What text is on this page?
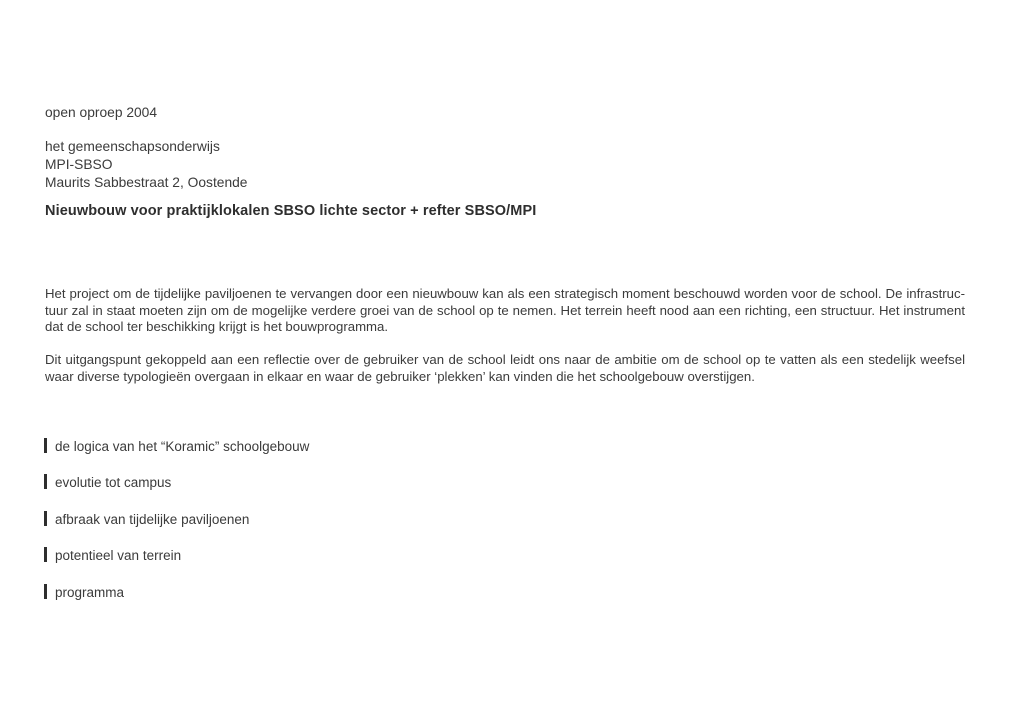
open oproep 2004
het gemeenschapsonderwijs
MPI-SBSO
Maurits Sabbestraat 2, Oostende
Nieuwbouw voor praktijklokalen SBSO lichte sector + refter SBSO/MPI
Het project om de tijdelijke paviljoenen te vervangen door een nieuwbouw kan als een strategisch moment beschouwd worden voor de school. De infrastruc-
tuur zal in staat moeten zijn om de mogelijke verdere groei van de school op te nemen. Het terrein heeft nood aan een richting, een structuur. Het instrument
dat de school ter beschikking krijgt is het bouwprogramma.
Dit uitgangspunt gekoppeld aan een reflectie over de gebruiker van de school leidt ons naar de ambitie om de school op te vatten als een stedelijk weefsel
waar diverse typologieën overgaan in elkaar en waar de gebruiker ‘plekken’ kan vinden die het schoolgebouw overstijgen.
de logica van het “Koramic” schoolgebouw
evolutie tot campus
afbraak van tijdelijke paviljoenen
potentieel van terrein
programma
